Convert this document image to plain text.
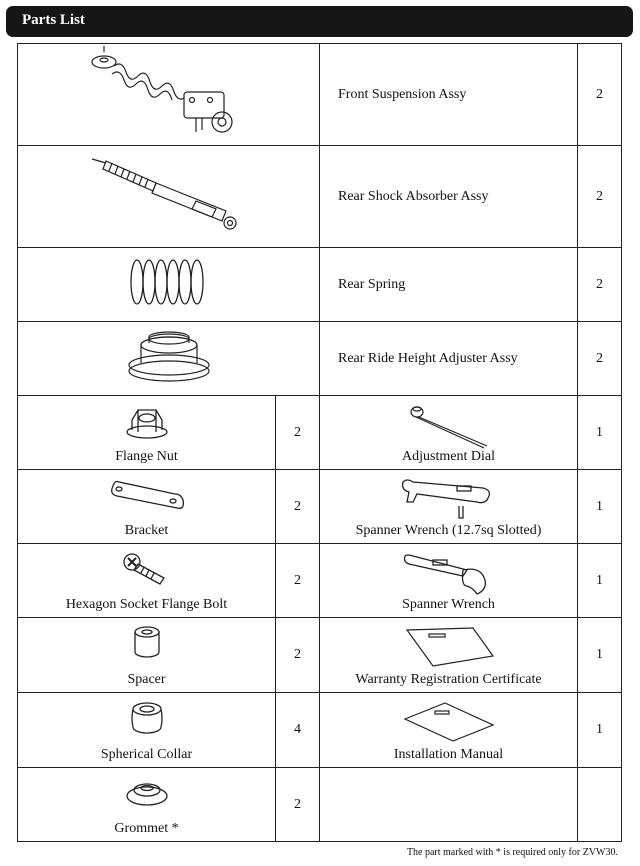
Parts List
	Front Suspension Assy	2
	Rear Shock Absorber Assy	2
	Rear Spring	2
	Rear Ride Height Adjuster Assy	2

Flange Nut	2	Adjustment Dial	1

Bracket	2	Spanner Wrench (12.7sq Slotted)	1

Hexagon Socket Flange Bolt	2	Spanner Wrench	1

Spacer	2	Warranty Registration Certificate	1

Spherical Collar	4	Installation Manual	1

Grommet *	2		
The part marked with * is required only for ZVW30.
